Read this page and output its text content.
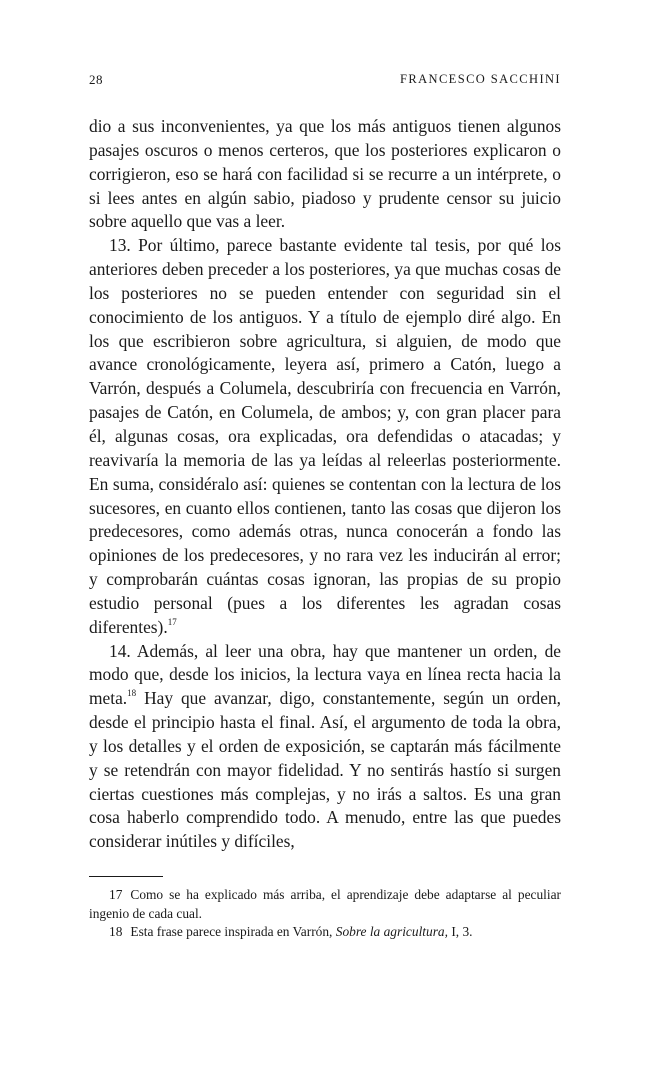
28	FRANCESCO SACCHINI

dio a sus inconvenientes, ya que los más antiguos tienen algunos pasajes oscuros o menos certeros, que los posteriores explicaron o corrigieron, eso se hará con facilidad si se recurre a un intérprete, o si lees antes en algún sabio, piadoso y prudente censor su juicio sobre aquello que vas a leer.

13. Por último, parece bastante evidente tal tesis, por qué los anteriores deben preceder a los posteriores, ya que muchas cosas de los posteriores no se pueden entender con seguridad sin el conocimiento de los antiguos. Y a título de ejemplo diré algo. En los que escribieron sobre agricultura, si alguien, de modo que avance cronológicamente, leyera así, primero a Catón, luego a Varrón, después a Columela, descubriría con frecuencia en Varrón, pasajes de Catón, en Columela, de ambos; y, con gran placer para él, algunas cosas, ora explicadas, ora defendidas o atacadas; y reavivaría la memoria de las ya leídas al releerlas posteriormente. En suma, considéralo así: quienes se contentan con la lectura de los sucesores, en cuanto ellos contienen, tanto las cosas que dijeron los predecesores, como además otras, nunca conocerán a fondo las opiniones de los predecesores, y no rara vez les inducirán al error; y comprobarán cuántas cosas ignoran, las propias de su propio estudio personal (pues a los diferentes les agradan cosas diferentes).$^{17}$

14. Además, al leer una obra, hay que mantener un orden, de modo que, desde los inicios, la lectura vaya en línea recta hacia la meta.$^{18}$ Hay que avanzar, digo, constantemente, según un orden, desde el principio hasta el final. Así, el argumento de toda la obra, y los detalles y el orden de exposición, se captarán más fácilmente y se retendrán con mayor fidelidad. Y no sentirás hastío si surgen ciertas cuestiones más complejas, y no irás a saltos. Es una gran cosa haberlo comprendido todo. A menudo, entre las que puedes considerar inútiles y difíciles,

17 Como se ha explicado más arriba, el aprendizaje debe adaptarse al peculiar ingenio de cada cual.

18 Esta frase parece inspirada en Varrón, Sobre la agricultura, I, 3.
